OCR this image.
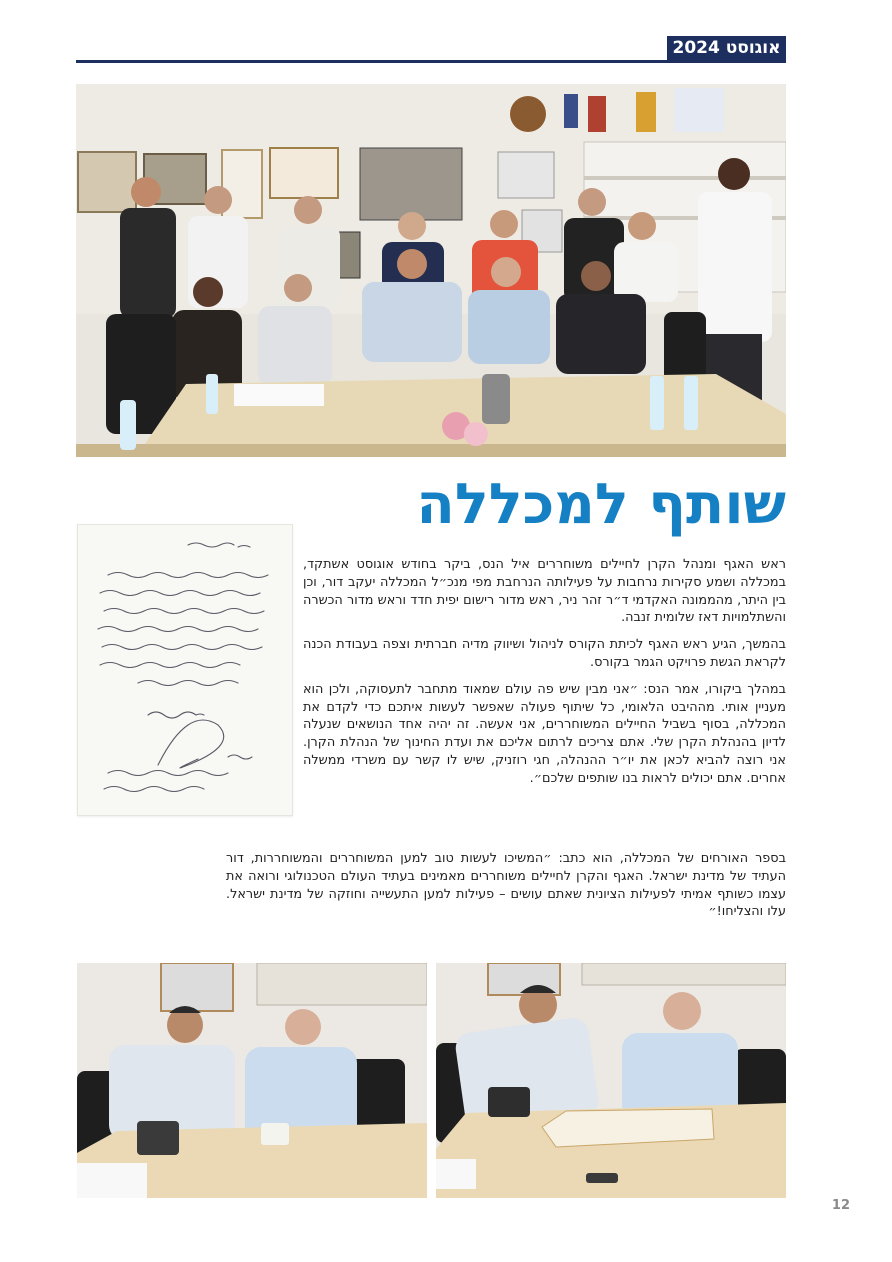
אוגוסט 2024
שותף למכללה

ראש האגף ומנהל הקרן לחיילים משוחררים איל הנס, ביקר בחודש אוגוסט אשתקד, במכללה ושמע סקירות נרחבות על פעילותה הנרחבת מפי מנכ״ל המכללה יעקב דור, וכן בין היתר, מהממונה האקדמי ד״ר זהר ניר, ראש מדור רישום יפית חדד וראש מדור הכשרה והשתלמויות דאז שלומית זנבה.

בהמשך, הגיע ראש האגף לכיתת הקורס לניהול ושיווק מדיה חברתית וצפה בעבודת הכנה לקראת הגשת פרויקט הגמר בקורס.

במהלך ביקורו, אמר הנס: ״אני מבין שיש פה עולם שמאוד מתחבר לתעסוקה, ולכן הוא מעניין אותי. מההיבט הלאומי, כל שיתוף פעולה שאפשר לעשות איתכם כדי לקדם את המכללה, בסוף בשביל החיילים המשוחררים, אני אעשה. זה יהיה אחד הנושאים שנעלה לדיון בהנהלת הקרן שלי. אתם צריכים לרתום אליכם את ועדת החינוך של הנהלת הקרן. אני רוצה להביא לכאן את יו״ר ההנהלה, חגי רוזניק, שיש לו קשר עם משרדי ממשלה אחרים. אתם יכולים לראות בנו שותפים שלכם״.

בספר האורחים של המכללה, הוא כתב: ״המשיכו לעשות טוב למען המשוחררים והמשוחררות, דור העתיד של מדינת ישראל. האגף והקרן לחיילים משוחררים מאמינים בעתיד העולם הטכנולוגי ורואה את עצמו כשותף אמיתי לפעילות הציונית שאתם עושים – פעילות למען התעשייה וחוזקה של מדינת ישראל. עלו והצליחו!״

12
